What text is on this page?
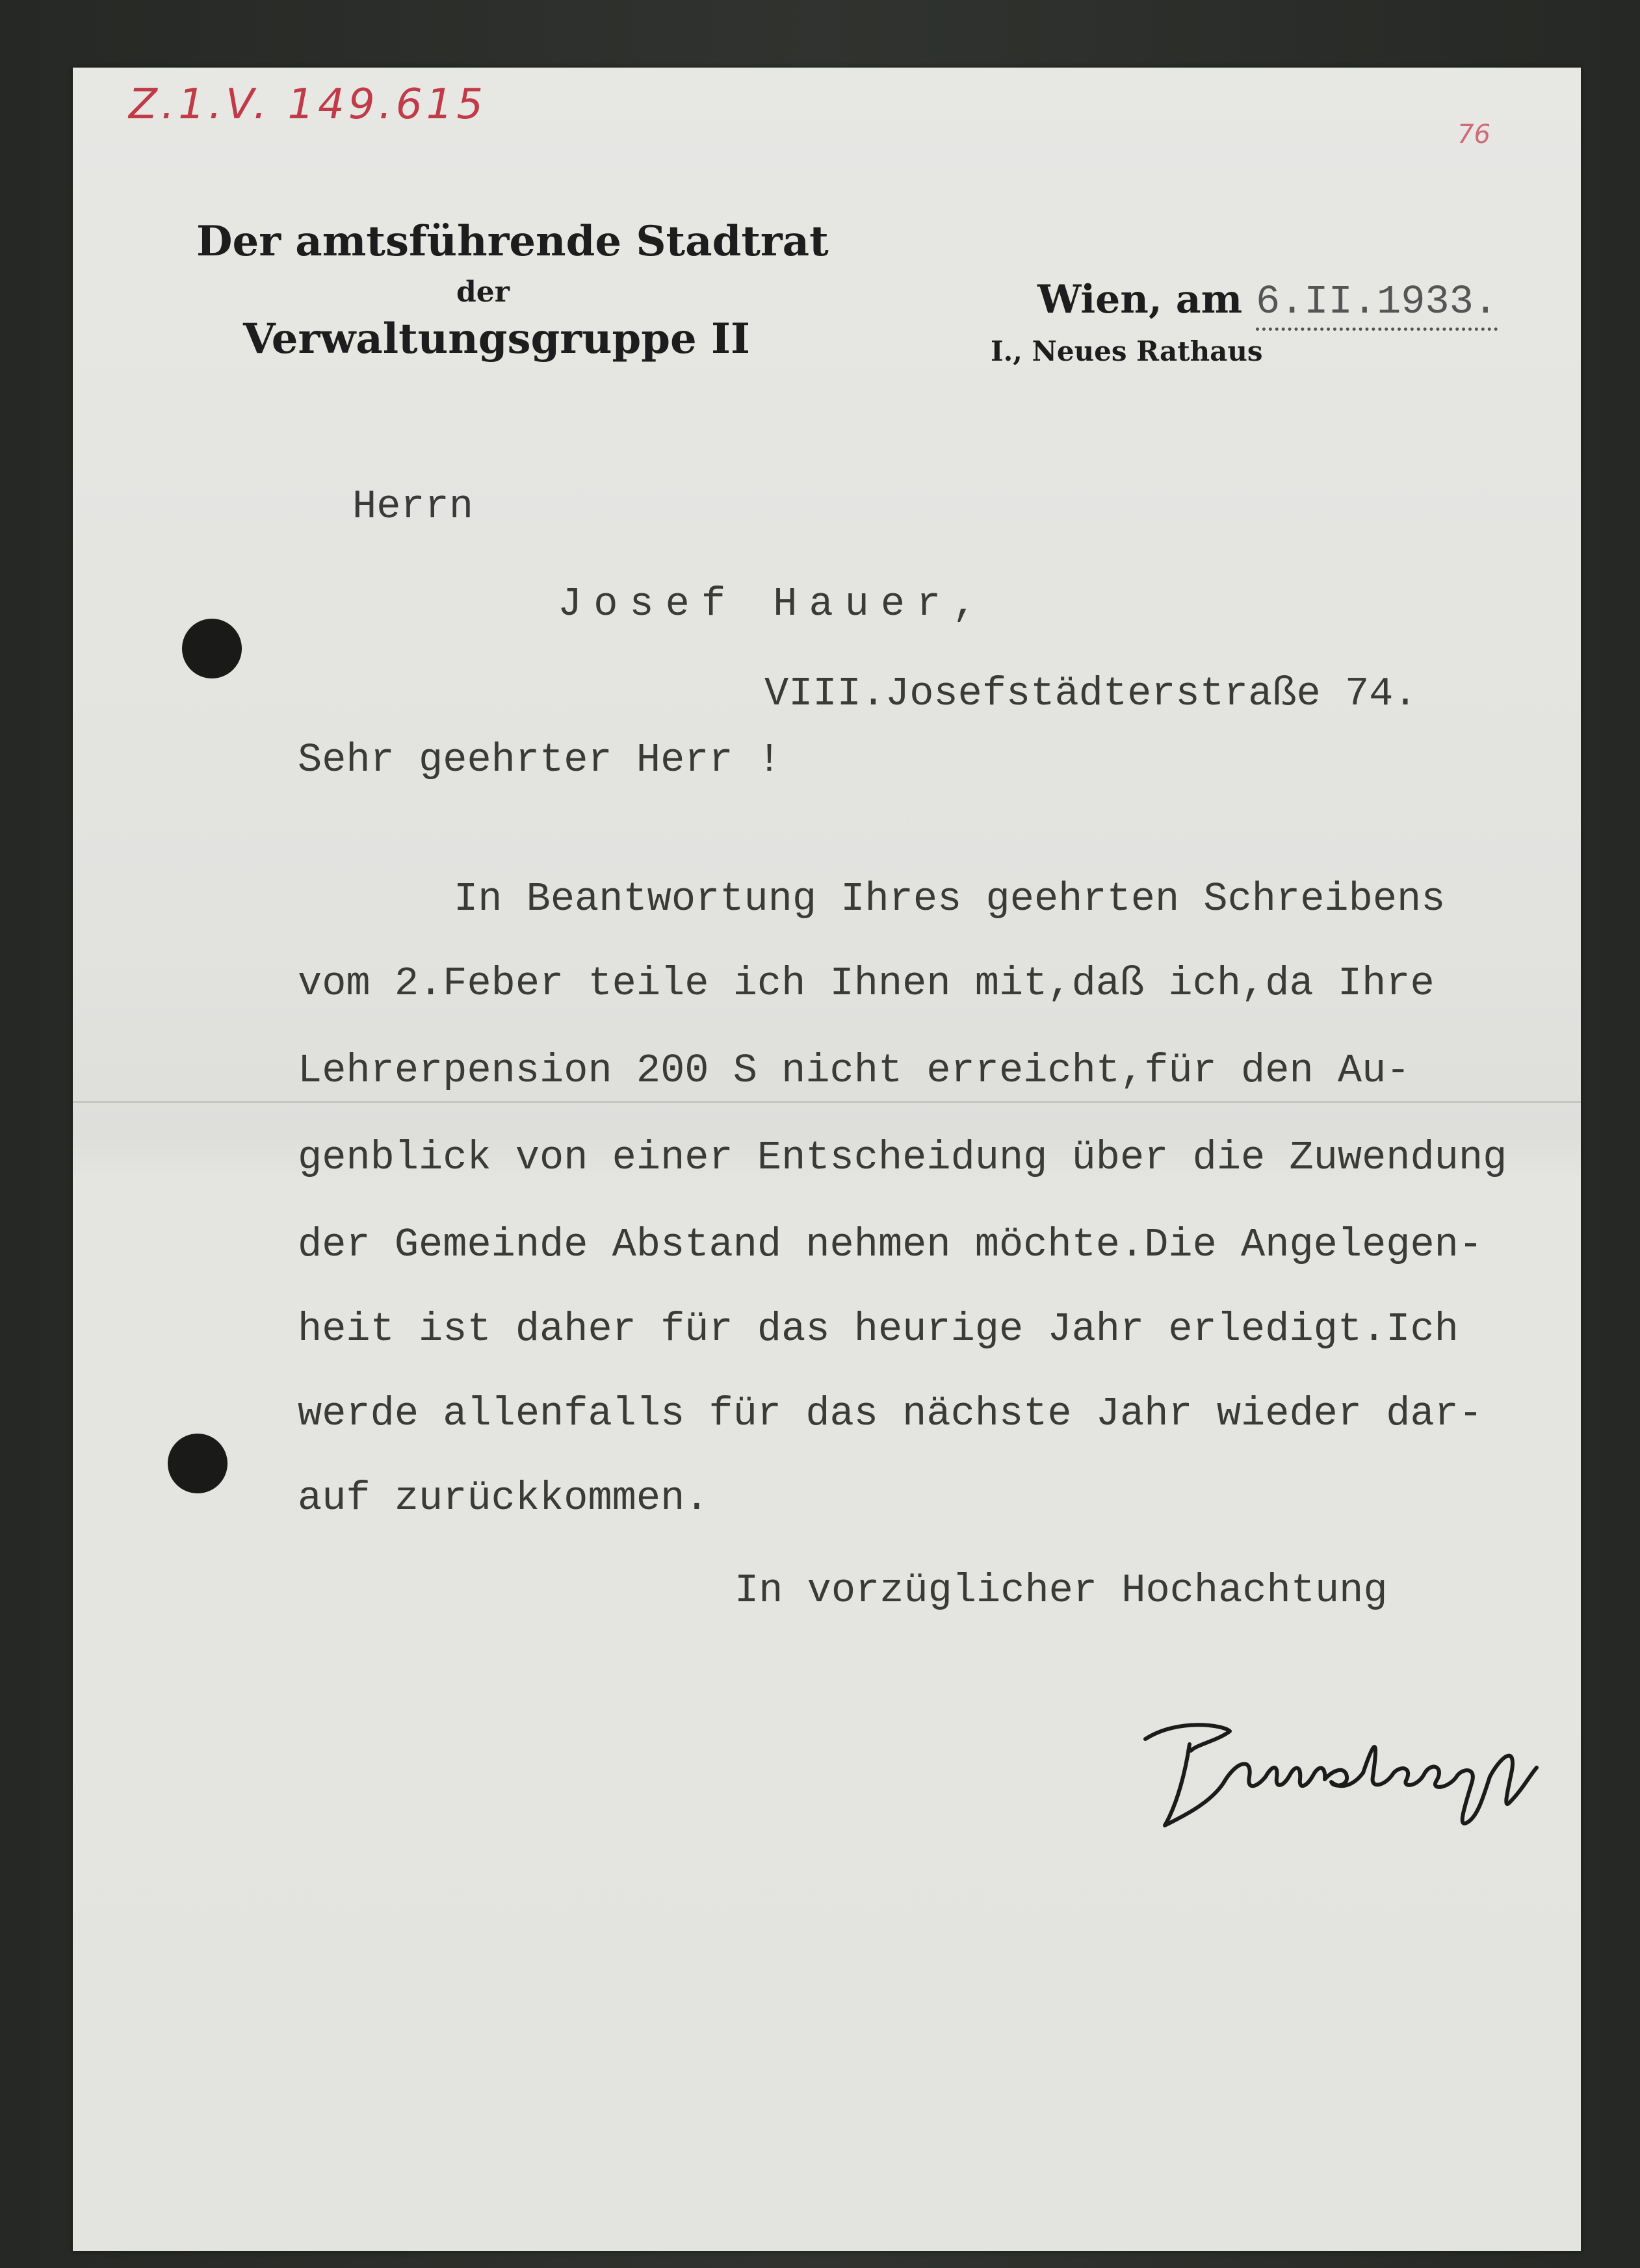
Z.1.V. 149.615
76
Der amtsführende Stadtrat
der
Verwaltungsgruppe II
Wien, am 6.II.1933.
I., Neues Rathaus
Herrn
Josef Hauer,
VIII.Josefstädterstraße 74.
Sehr geehrter Herr !
In Beantwortung Ihres geehrten Schreibens
vom 2.Feber teile ich Ihnen mit,daß ich,da Ihre
Lehrerpension 200 S nicht erreicht,für den Au-
genblick von einer Entscheidung über die Zuwendung
der Gemeinde Abstand nehmen möchte.Die Angelegen-
heit ist daher für das heurige Jahr erledigt.Ich
werde allenfalls für das nächste Jahr wieder dar-
auf zurückkommen.
In vorzüglicher Hochachtung
